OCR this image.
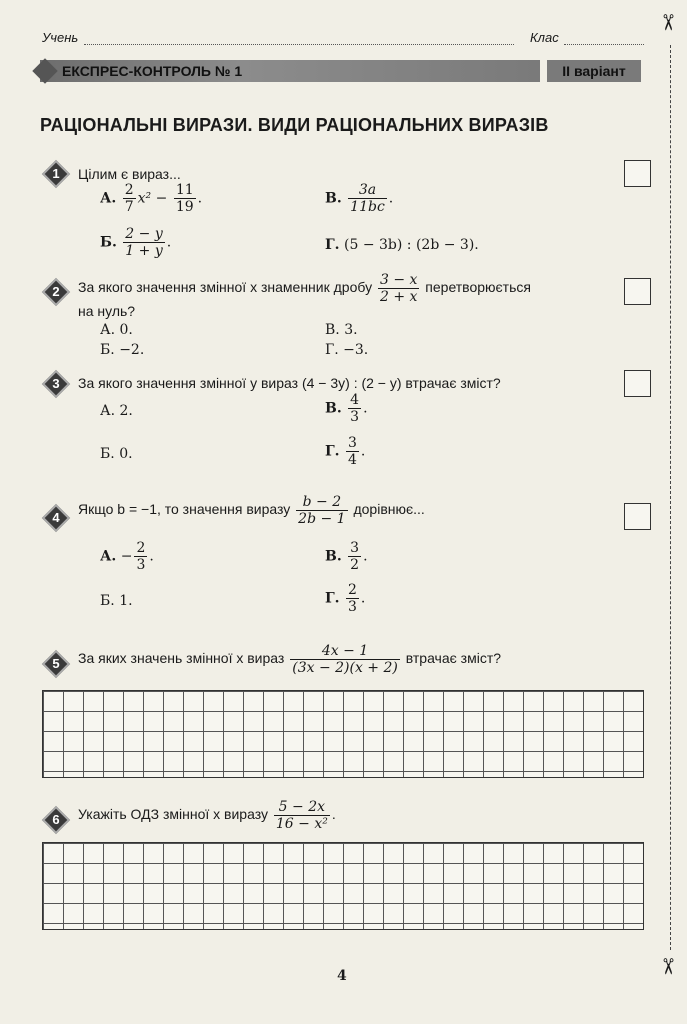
Учень	Клас
✂
✂
ЕКСПРЕС-КОНТРОЛЬ № 1	II варіант
РАЦІОНАЛЬНІ ВИРАЗИ. ВИДИ РАЦІОНАЛЬНИХ ВИРАЗІВ
1	Цілим є вираз...
А. $\frac{2}{7} x^2 - \frac{11}{19}$ .	В. $\frac{3a}{11bc}$ .
Б. $\frac{2 - y}{1 + y}$ .	Г. (5 − 3b) : (2b − 3).
2	За якого значення змінної x знаменник дробу $\frac{3 - x}{2 + x}$ перетворюється
на нуль?
А. 0.	В. 3.
Б. −2.	Г. −3.
3	За якого значення змінної y вираз (4 − 3y) : (2 − y) втрачає зміст?
А. 2.	В. $\frac{4}{3}$ .
Б. 0.	Г. $\frac{3}{4}$ .
4
Якщо b = −1, то значення виразу $\frac{b - 2}{2b - 1}$ дорівнює...
А. − $\frac{2}{3}$ .	В. $\frac{3}{2}$ .
Б. 1.	Г. $\frac{2}{3}$ .
5	За яких значень змінної x вираз $\frac{4x - 1}{(3x - 2)(x + 2)}$ втрачає зміст?
6	Укажіть ОДЗ змінної x виразу $\frac{5 - 2x}{\text{16 − x²}}$ .
4
